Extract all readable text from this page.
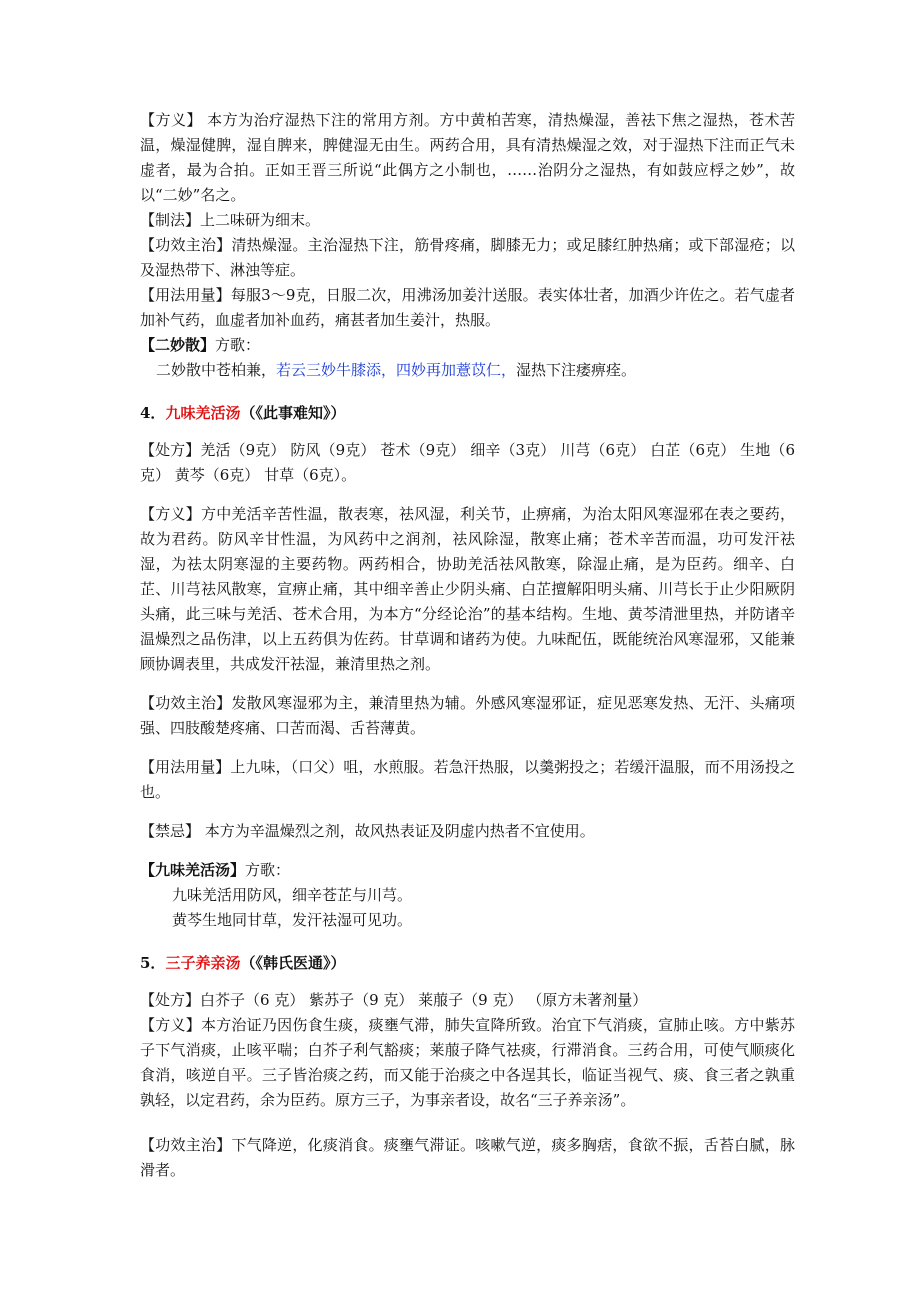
【方义】 本方为治疗湿热下注的常用方剂。方中黄柏苦寒，清热燥湿，善祛下焦之湿热，苍术苦温，燥湿健脾，湿自脾来，脾健湿无由生。两药合用，具有清热燥湿之效，对于湿热下注而正气未虚者，最为合拍。正如王晋三所说“此偶方之小制也，……治阴分之湿热，有如鼓应桴之妙”，故以“二妙”名之。

【制法】上二味研为细末。

【功效主治】清热燥湿。主治湿热下注，筋骨疼痛，脚膝无力；或足膝红肿热痛；或下部湿疮；以及湿热带下、淋浊等症。

【用法用量】每服3～9克，日服二次，用沸汤加姜汁送服。表实体壮者，加酒少许佐之。若气虚者加补气药，血虚者加补血药，痛甚者加生姜汁，热服。

【二妙散】方歌：

二妙散中苍柏兼，若云三妙牛膝添，四妙再加薏苡仁，湿热下注痿痹痊。

4．九味羌活汤（《此事难知》）

【处方】羌活（9克） 防风（9克） 苍术（9克） 细辛（3克） 川芎（6克） 白芷（6克） 生地（6克） 黄芩（6克） 甘草（6克）。

【方义】方中羌活辛苦性温，散表寒，祛风湿，利关节，止痹痛，为治太阳风寒湿邪在表之要药，故为君药。防风辛甘性温，为风药中之润剂，祛风除湿，散寒止痛；苍术辛苦而温，功可发汗祛湿，为祛太阴寒湿的主要药物。两药相合，协助羌活祛风散寒，除湿止痛，是为臣药。细辛、白芷、川芎祛风散寒，宣痹止痛，其中细辛善止少阴头痛、白芷擅解阳明头痛、川芎长于止少阳厥阴头痛，此三味与羌活、苍术合用，为本方“分经论治”的基本结构。生地、黄芩清泄里热，并防诸辛温燥烈之品伤津，以上五药俱为佐药。甘草调和诸药为使。九味配伍，既能统治风寒湿邪，又能兼顾协调表里，共成发汗祛湿，兼清里热之剂。

【功效主治】发散风寒湿邪为主，兼清里热为辅。外感风寒湿邪证，症见恶寒发热、无汗、头痛项强、四肢酸楚疼痛、口苦而渴、舌苔薄黄。

【用法用量】上九味，（口父）咀，水煎服。若急汗热服，以羹粥投之；若缓汗温服，而不用汤投之也。

【禁忌】 本方为辛温燥烈之剂，故风热表证及阴虚内热者不宜使用。

【九味羌活汤】方歌：

九味羌活用防风，细辛苍芷与川芎。

黄芩生地同甘草，发汗祛湿可见功。

5．三子养亲汤（《韩氏医通》）

【处方】白芥子（6 克） 紫苏子（9 克） 莱菔子（9 克） （原方未著剂量）

【方义】本方治证乃因伤食生痰，痰壅气滞，肺失宣降所致。治宜下气消痰，宣肺止咳。方中紫苏子下气消痰，止咳平喘；白芥子利气豁痰；莱菔子降气祛痰，行滞消食。三药合用，可使气顺痰化食消，咳逆自平。三子皆治痰之药，而又能于治痰之中各逞其长，临证当视气、痰、食三者之孰重孰轻，以定君药，余为臣药。原方三子，为事亲者设，故名“三子养亲汤”。

【功效主治】下气降逆，化痰消食。痰壅气滞证。咳嗽气逆，痰多胸痞，食欲不振，舌苔白腻，脉滑者。
